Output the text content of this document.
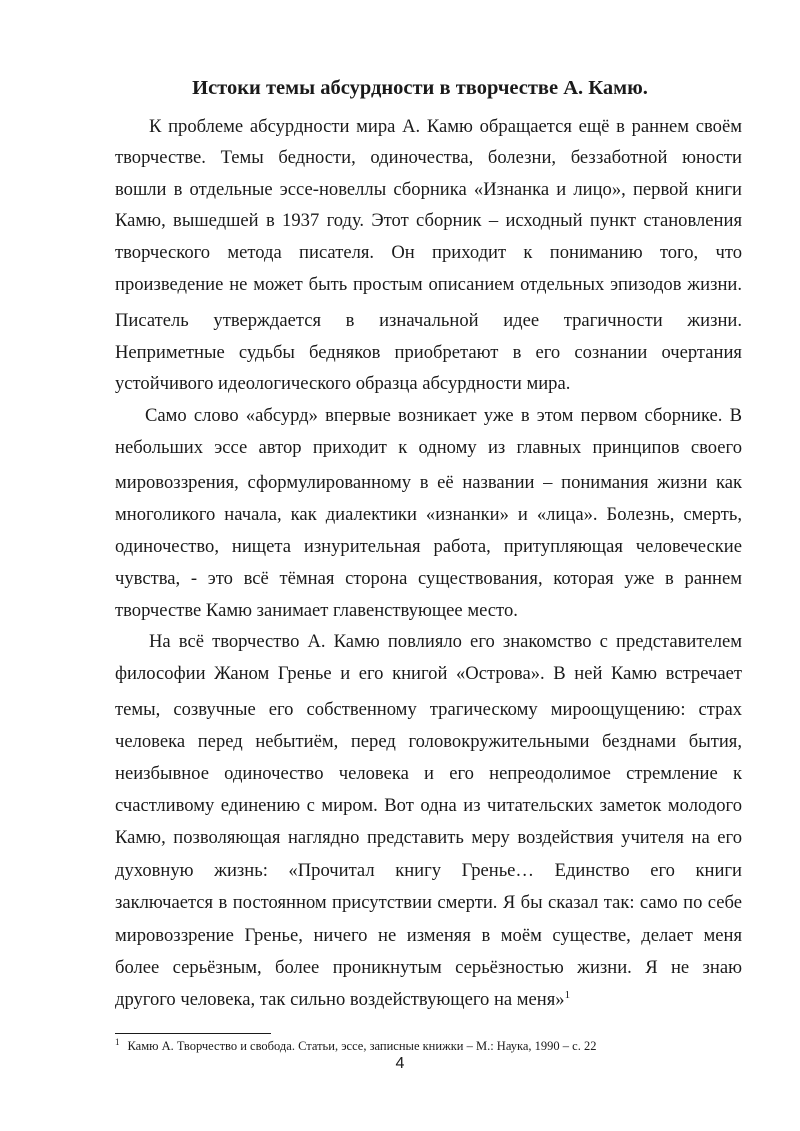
Истоки темы абсурдности в творчестве А. Камю.
К проблеме абсурдности мира А. Камю обращается ещё в раннем своём
творчестве. Темы бедности, одиночества, болезни, беззаботной юности
вошли в отдельные эссе-новеллы сборника «Изнанка и лицо», первой книги
Камю, вышедшей в 1937 году. Этот сборник – исходный пункт становления
творческого метода писателя. Он приходит к пониманию того, что
произведение не может быть простым описанием отдельных эпизодов жизни.
Писатель утверждается в изначальной идее трагичности жизни.
Неприметные судьбы бедняков приобретают в его сознании очертания
устойчивого идеологического образца абсурдности мира.
Само слово «абсурд» впервые возникает уже в этом первом сборнике. В
небольших эссе автор приходит к одному из главных принципов своего
мировоззрения, сформулированному в её названии – понимания жизни как
многоликого начала, как диалектики «изнанки» и «лица». Болезнь, смерть,
одиночество, нищета изнурительная работа, притупляющая человеческие
чувства, - это всё тёмная сторона существования, которая уже в раннем
творчестве Камю занимает главенствующее место.
На всё творчество А. Камю повлияло его знакомство с представителем
философии Жаном Гренье и его книгой «Острова». В ней Камю встречает
темы, созвучные его собственному трагическому мироощущению: страх
человека перед небытиём, перед головокружительными безднами бытия,
неизбывное одиночество человека и его непреодолимое стремление к
счастливому единению с миром. Вот одна из читательских заметок молодого
Камю, позволяющая наглядно представить меру воздействия учителя на его
духовную жизнь: «Прочитал книгу Гренье… Единство его книги
заключается в постоянном присутствии смерти. Я бы сказал так: само по себе
мировоззрение Гренье, ничего не изменяя в моём существе, делает меня
более серьёзным, более проникнутым серьёзностью жизни. Я не знаю
другого человека, так сильно воздействующего на меня»$^1$
$^1$ Камю А. Творчество и свобода. Статьи, эссе, записные книжки – М.: Наука, 1990 – с. 22
4
